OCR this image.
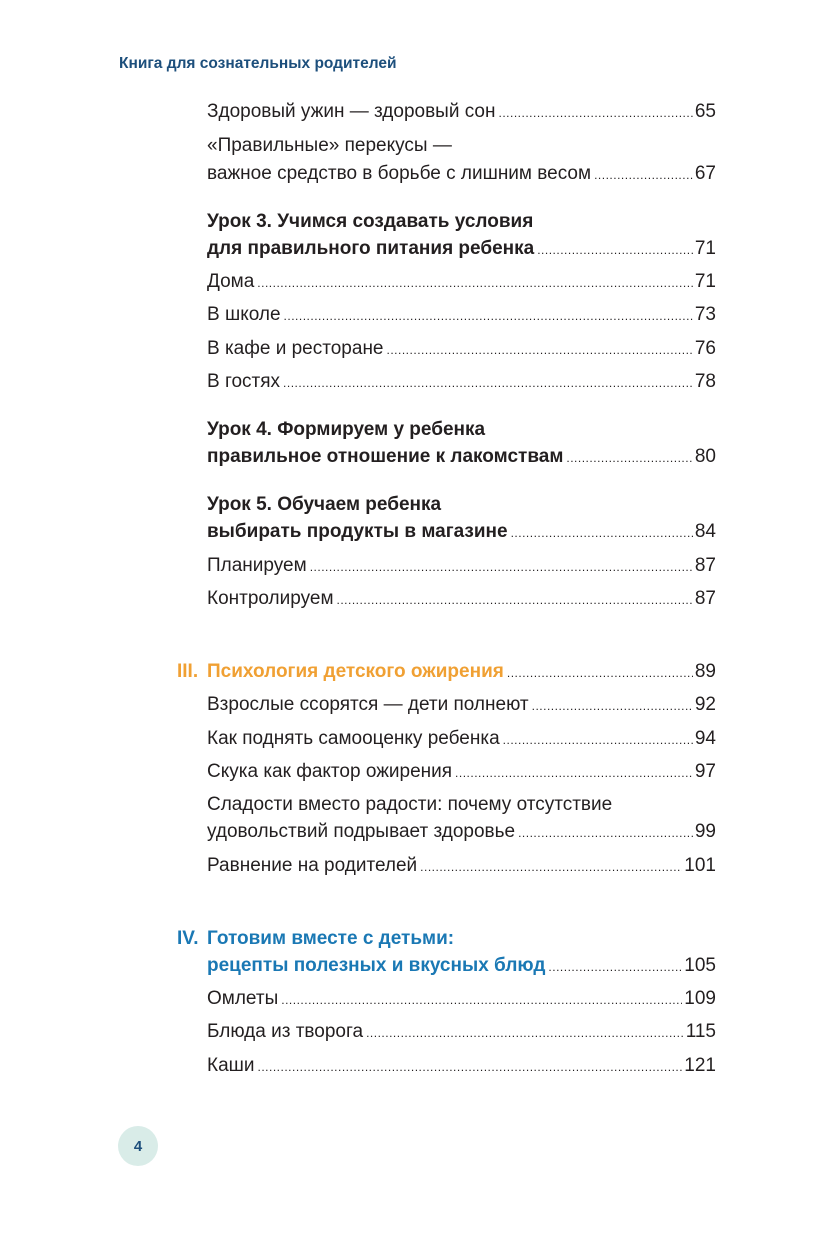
Книга для сознательных родителей
Здоровый ужин — здоровый сон .....	65
«Правильные» перекусы —
важное средство в борьбе с лишним весом .....	67
Урок 3. Учимся создавать условия
для правильного питания ребенка .....	71
Дома .....	71
В школе .....	73
В кафе и ресторане .....	76
В гостях .....	78
Урок 4. Формируем у ребенка
правильное отношение к лакомствам .....	80
Урок 5. Обучаем ребенка
выбирать продукты в магазине .....	84
Планируем .....	87
Контролируем .....	87
III. Психология детского ожирения .....	89
Взрослые ссорятся — дети полнеют .....	92
Как поднять самооценку ребенка .....	94
Скука как фактор ожирения .....	97
Сладости вместо радости: почему отсутствие
удовольствий подрывает здоровье .....	99
Равнение на родителей .....	101
IV. Готовим вместе с детьми:
рецепты полезных и вкусных блюд .....	105
Омлеты .....	109
Блюда из творога .....	115
Каши .....	121
4
